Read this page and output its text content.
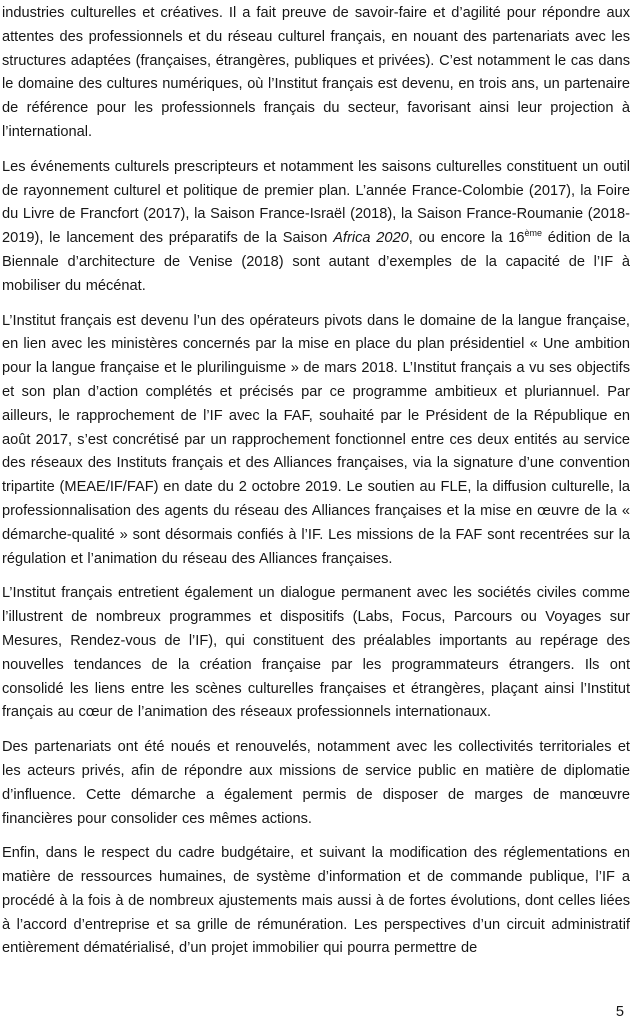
industries culturelles et créatives. Il a fait preuve de savoir-faire et d’agilité pour répondre aux attentes des professionnels et du réseau culturel français, en nouant des partenariats avec les structures adaptées (françaises, étrangères, publiques et privées). C’est notamment le cas dans le domaine des cultures numériques, où l’Institut français est devenu, en trois ans, un partenaire de référence pour les professionnels français du secteur, favorisant ainsi leur projection à l’international.

Les événements culturels prescripteurs et notamment les saisons culturelles constituent un outil de rayonnement culturel et politique de premier plan. L’année France-Colombie (2017), la Foire du Livre de Francfort (2017), la Saison France-Israël (2018), la Saison France-Roumanie (2018-2019), le lancement des préparatifs de la Saison Africa 2020, ou encore la 16ème édition de la Biennale d’architecture de Venise (2018) sont autant d’exemples de la capacité de l’IF à mobiliser du mécénat.

L’Institut français est devenu l’un des opérateurs pivots dans le domaine de la langue française, en lien avec les ministères concernés par la mise en place du plan présidentiel « Une ambition pour la langue française et le plurilinguisme » de mars 2018. L’Institut français a vu ses objectifs et son plan d’action complétés et précisés par ce programme ambitieux et pluriannuel. Par ailleurs, le rapprochement de l’IF avec la FAF, souhaité par le Président de la République en août 2017, s’est concrétisé par un rapprochement fonctionnel entre ces deux entités au service des réseaux des Instituts français et des Alliances françaises, via la signature d’une convention tripartite (MEAE/IF/FAF) en date du 2 octobre 2019. Le soutien au FLE, la diffusion culturelle, la professionnalisation des agents du réseau des Alliances françaises et la mise en œuvre de la « démarche-qualité » sont désormais confiés à l’IF. Les missions de la FAF sont recentrées sur la régulation et l’animation du réseau des Alliances françaises.

L’Institut français entretient également un dialogue permanent avec les sociétés civiles comme l’illustrent de nombreux programmes et dispositifs (Labs, Focus, Parcours ou Voyages sur Mesures, Rendez-vous de l’IF), qui constituent des préalables importants au repérage des nouvelles tendances de la création française par les programmateurs étrangers. Ils ont consolidé les liens entre les scènes culturelles françaises et étrangères, plaçant ainsi l’Institut français au cœur de l’animation des réseaux professionnels internationaux.

Des partenariats ont été noués et renouvelés, notamment avec les collectivités territoriales et les acteurs privés, afin de répondre aux missions de service public en matière de diplomatie d’influence. Cette démarche a également permis de disposer de marges de manœuvre financières pour consolider ces mêmes actions.

Enfin, dans le respect du cadre budgétaire, et suivant la modification des réglementations en matière de ressources humaines, de système d’information et de commande publique, l’IF a procédé à la fois à de nombreux ajustements mais aussi à de fortes évolutions, dont celles liées à l’accord d’entreprise et sa grille de rémunération. Les perspectives d’un circuit administratif entièrement dématérialisé, d’un projet immobilier qui pourra permettre de

5
